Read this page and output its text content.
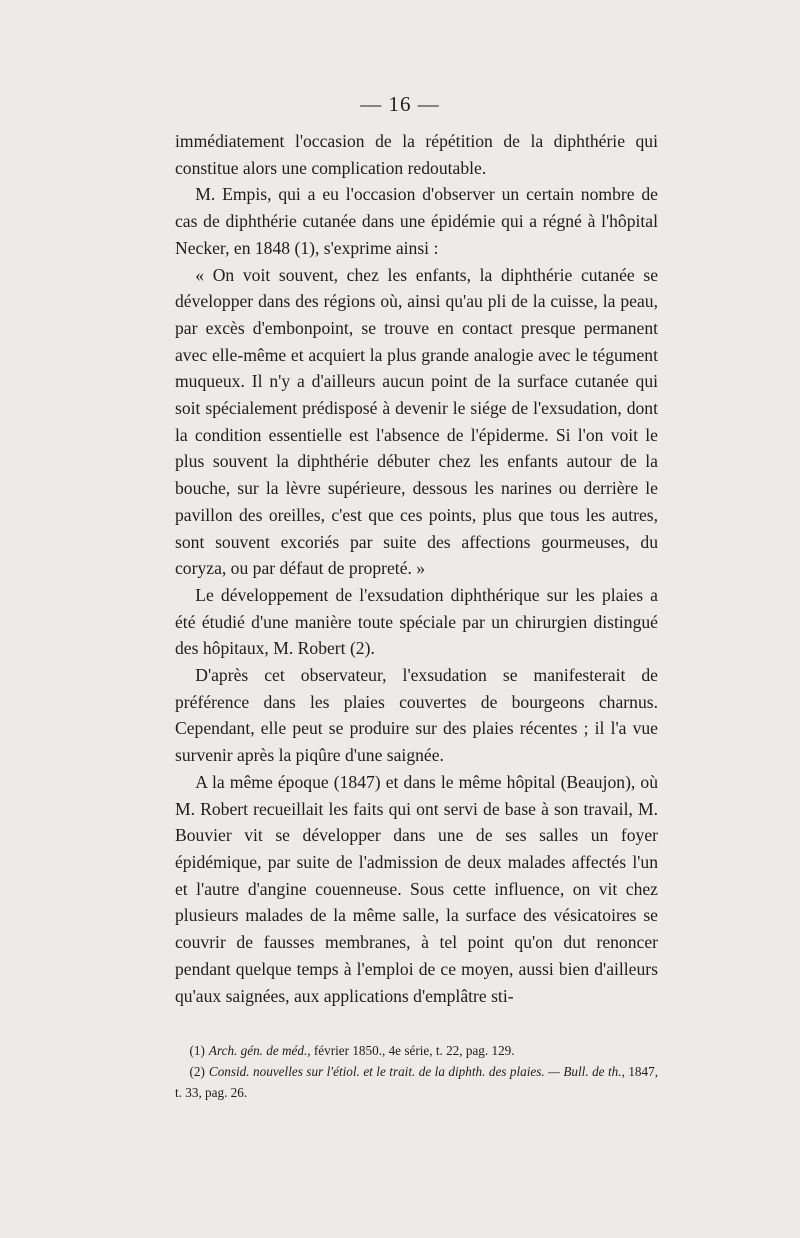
— 16 —

immédiatement l'occasion de la répétition de la diphthérie qui constitue alors une complication redoutable.

M. Empis, qui a eu l'occasion d'observer un certain nombre de cas de diphthérie cutanée dans une épidémie qui a régné à l'hôpital Necker, en 1848 (1), s'exprime ainsi :

« On voit souvent, chez les enfants, la diphthérie cutanée se développer dans des régions où, ainsi qu'au pli de la cuisse, la peau, par excès d'embonpoint, se trouve en contact presque permanent avec elle-même et acquiert la plus grande analogie avec le tégument muqueux. Il n'y a d'ailleurs aucun point de la surface cutanée qui soit spécialement prédisposé à devenir le siége de l'exsudation, dont la condition essentielle est l'absence de l'épiderme. Si l'on voit le plus souvent la diphthérie débuter chez les enfants autour de la bouche, sur la lèvre supérieure, dessous les narines ou derrière le pavillon des oreilles, c'est que ces points, plus que tous les autres, sont souvent excoriés par suite des affections gourmeuses, du coryza, ou par défaut de propreté. »

Le développement de l'exsudation diphthérique sur les plaies a été étudié d'une manière toute spéciale par un chirurgien distingué des hôpitaux, M. Robert (2).

D'après cet observateur, l'exsudation se manifesterait de préférence dans les plaies couvertes de bourgeons charnus. Cependant, elle peut se produire sur des plaies récentes ; il l'a vue survenir après la piqûre d'une saignée.

A la même époque (1847) et dans le même hôpital (Beaujon), où M. Robert recueillait les faits qui ont servi de base à son travail, M. Bouvier vit se développer dans une de ses salles un foyer épidémique, par suite de l'admission de deux malades affectés l'un et l'autre d'angine couenneuse. Sous cette influence, on vit chez plusieurs malades de la même salle, la surface des vésicatoires se couvrir de fausses membranes, à tel point qu'on dut renoncer pendant quelque temps à l'emploi de ce moyen, aussi bien d'ailleurs qu'aux saignées, aux applications d'emplâtre sti-

(1) Arch. gén. de méd., février 1850., 4e série, t. 22, pag. 129.

(2) Consid. nouvelles sur l'étiol. et le trait. de la diphth. des plaies. — Bull. de th., 1847, t. 33, pag. 26.
